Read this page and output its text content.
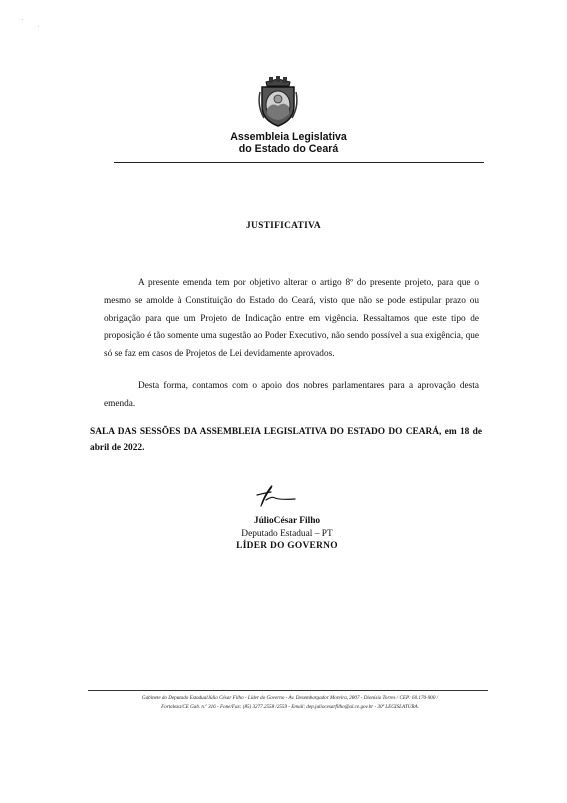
·
·
Assembleia Legislativa
do Estado do Ceará
JUSTIFICATIVA
A presente emenda tem por objetivo alterar o artigo 8º do presente projeto, para que o mesmo se amolde à Constituição do Estado do Ceará, visto que não se pode estipular prazo ou obrigação para que um Projeto de Indicação entre em vigência. Ressaltamos que este tipo de proposição é tão somente uma sugestão ao Poder Executivo, não sendo possível a sua exigência, que só se faz em casos de Projetos de Lei devidamente aprovados.
Desta forma, contamos com o apoio dos nobres parlamentares para a aprovação desta emenda.
SALA DAS SESSÕES DA ASSEMBLEIA LEGISLATIVA DO ESTADO DO CEARÁ, em 18 de abril de 2022.
JúlioCésar Filho
Deputado Estadual – PT
LÍDER DO GOVERNO
Gabinete do Deputado EstadualJúlio César Filho - Líder do Governo - Av. Desembargador Moreira, 2807 - Dionísio Torres / CEP: 60.170-900 /
Fortaleza/CE Gab. n.º 316 - Fone/Fax: (85) 3277.2558 /2559 - Email: dep.juliocesarfilho@al.ce.gov.br - 30ª LEGISLATURA.
